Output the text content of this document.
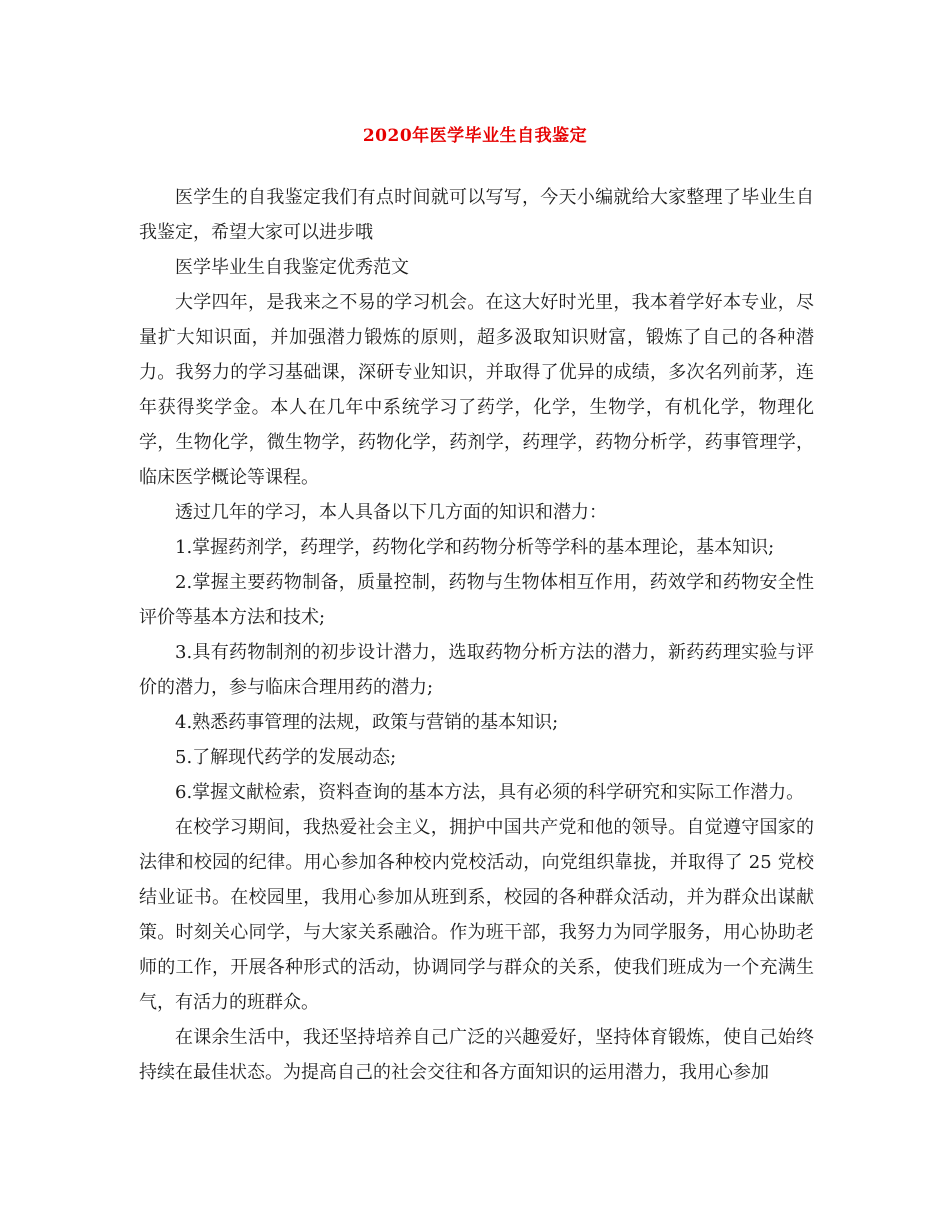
2020年医学毕业生自我鉴定

医学生的自我鉴定我们有点时间就可以写写，今天小编就给大家整理了毕业生自我鉴定，希望大家可以进步哦

医学毕业生自我鉴定优秀范文

大学四年，是我来之不易的学习机会。在这大好时光里，我本着学好本专业，尽量扩大知识面，并加强潜力锻炼的原则，超多汲取知识财富，锻炼了自己的各种潜力。我努力的学习基础课，深研专业知识，并取得了优异的成绩，多次名列前茅，连年获得奖学金。本人在几年中系统学习了药学，化学，生物学，有机化学，物理化学，生物化学，微生物学，药物化学，药剂学，药理学，药物分析学，药事管理学，临床医学概论等课程。

透过几年的学习，本人具备以下几方面的知识和潜力：

1.掌握药剂学，药理学，药物化学和药物分析等学科的基本理论，基本知识;

2.掌握主要药物制备，质量控制，药物与生物体相互作用，药效学和药物安全性评价等基本方法和技术;

3.具有药物制剂的初步设计潜力，选取药物分析方法的潜力，新药药理实验与评价的潜力，参与临床合理用药的潜力;

4.熟悉药事管理的法规，政策与营销的基本知识;

5.了解现代药学的发展动态;

6.掌握文献检索，资料查询的基本方法，具有必须的科学研究和实际工作潜力。

在校学习期间，我热爱社会主义，拥护中国共产党和他的领导。自觉遵守国家的法律和校园的纪律。用心参加各种校内党校活动，向党组织靠拢，并取得了 25 党校结业证书。在校园里，我用心参加从班到系，校园的各种群众活动，并为群众出谋献策。时刻关心同学，与大家关系融洽。作为班干部，我努力为同学服务，用心协助老师的工作，开展各种形式的活动，协调同学与群众的关系，使我们班成为一个充满生气，有活力的班群众。

在课余生活中，我还坚持培养自己广泛的兴趣爱好，坚持体育锻炼，使自己始终持续在最佳状态。为提高自己的社会交往和各方面知识的运用潜力，我用心参加
